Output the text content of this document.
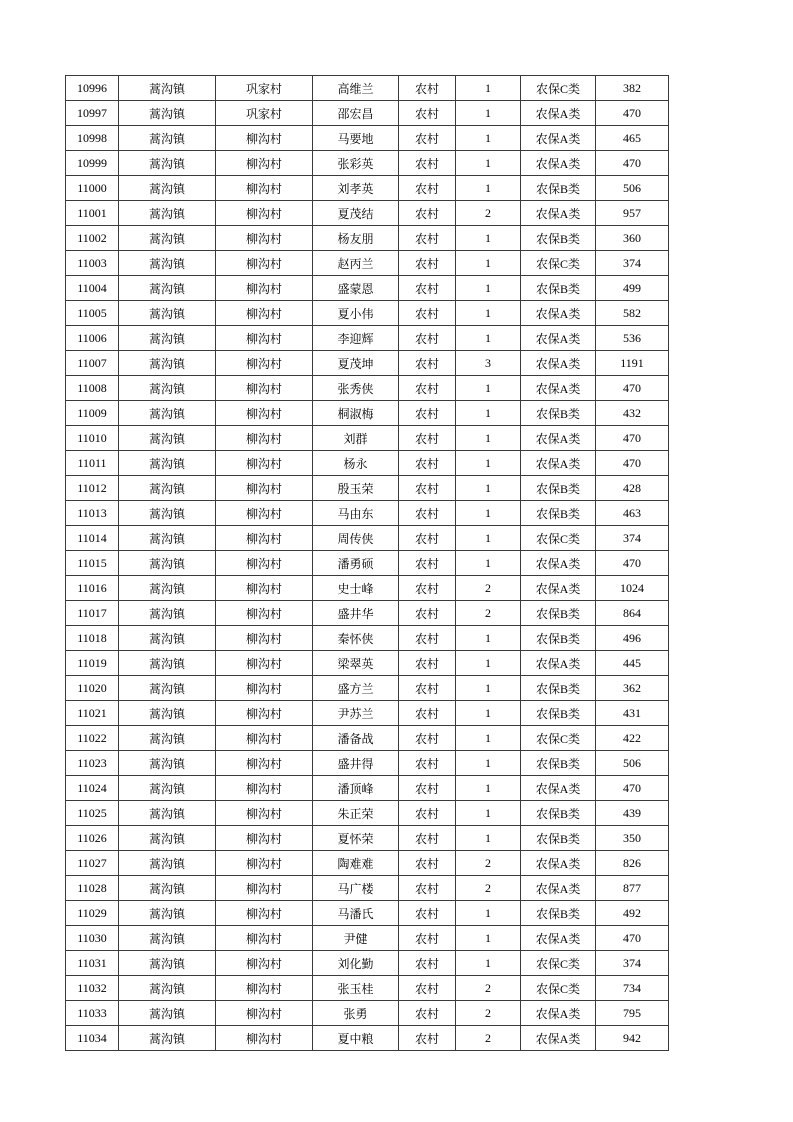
10996	蒿沟镇	巩家村	高维兰	农村	1	农保C类	382
10997	蒿沟镇	巩家村	邵宏昌	农村	1	农保A类	470
10998	蒿沟镇	柳沟村	马要地	农村	1	农保A类	465
10999	蒿沟镇	柳沟村	张彩英	农村	1	农保A类	470
11000	蒿沟镇	柳沟村	刘孝英	农村	1	农保B类	506
11001	蒿沟镇	柳沟村	夏茂结	农村	2	农保A类	957
11002	蒿沟镇	柳沟村	杨友朋	农村	1	农保B类	360
11003	蒿沟镇	柳沟村	赵丙兰	农村	1	农保C类	374
11004	蒿沟镇	柳沟村	盛蒙恩	农村	1	农保B类	499
11005	蒿沟镇	柳沟村	夏小伟	农村	1	农保A类	582
11006	蒿沟镇	柳沟村	李迎辉	农村	1	农保A类	536
11007	蒿沟镇	柳沟村	夏茂坤	农村	3	农保A类	1191
11008	蒿沟镇	柳沟村	张秀侠	农村	1	农保A类	470
11009	蒿沟镇	柳沟村	桐淑梅	农村	1	农保B类	432
11010	蒿沟镇	柳沟村	刘群	农村	1	农保A类	470
11011	蒿沟镇	柳沟村	杨永	农村	1	农保A类	470
11012	蒿沟镇	柳沟村	殷玉荣	农村	1	农保B类	428
11013	蒿沟镇	柳沟村	马由东	农村	1	农保B类	463
11014	蒿沟镇	柳沟村	周传侠	农村	1	农保C类	374
11015	蒿沟镇	柳沟村	潘勇硕	农村	1	农保A类	470
11016	蒿沟镇	柳沟村	史士峰	农村	2	农保A类	1024
11017	蒿沟镇	柳沟村	盛井华	农村	2	农保B类	864
11018	蒿沟镇	柳沟村	秦怀侠	农村	1	农保B类	496
11019	蒿沟镇	柳沟村	梁翠英	农村	1	农保A类	445
11020	蒿沟镇	柳沟村	盛方兰	农村	1	农保B类	362
11021	蒿沟镇	柳沟村	尹苏兰	农村	1	农保B类	431
11022	蒿沟镇	柳沟村	潘备战	农村	1	农保C类	422
11023	蒿沟镇	柳沟村	盛井得	农村	1	农保B类	506
11024	蒿沟镇	柳沟村	潘顶峰	农村	1	农保A类	470
11025	蒿沟镇	柳沟村	朱正荣	农村	1	农保B类	439
11026	蒿沟镇	柳沟村	夏怀荣	农村	1	农保B类	350
11027	蒿沟镇	柳沟村	陶难难	农村	2	农保A类	826
11028	蒿沟镇	柳沟村	马广楼	农村	2	农保A类	877
11029	蒿沟镇	柳沟村	马潘氏	农村	1	农保B类	492
11030	蒿沟镇	柳沟村	尹健	农村	1	农保A类	470
11031	蒿沟镇	柳沟村	刘化勤	农村	1	农保C类	374
11032	蒿沟镇	柳沟村	张玉桂	农村	2	农保C类	734
11033	蒿沟镇	柳沟村	张勇	农村	2	农保A类	795
11034	蒿沟镇	柳沟村	夏中粮	农村	2	农保A类	942
